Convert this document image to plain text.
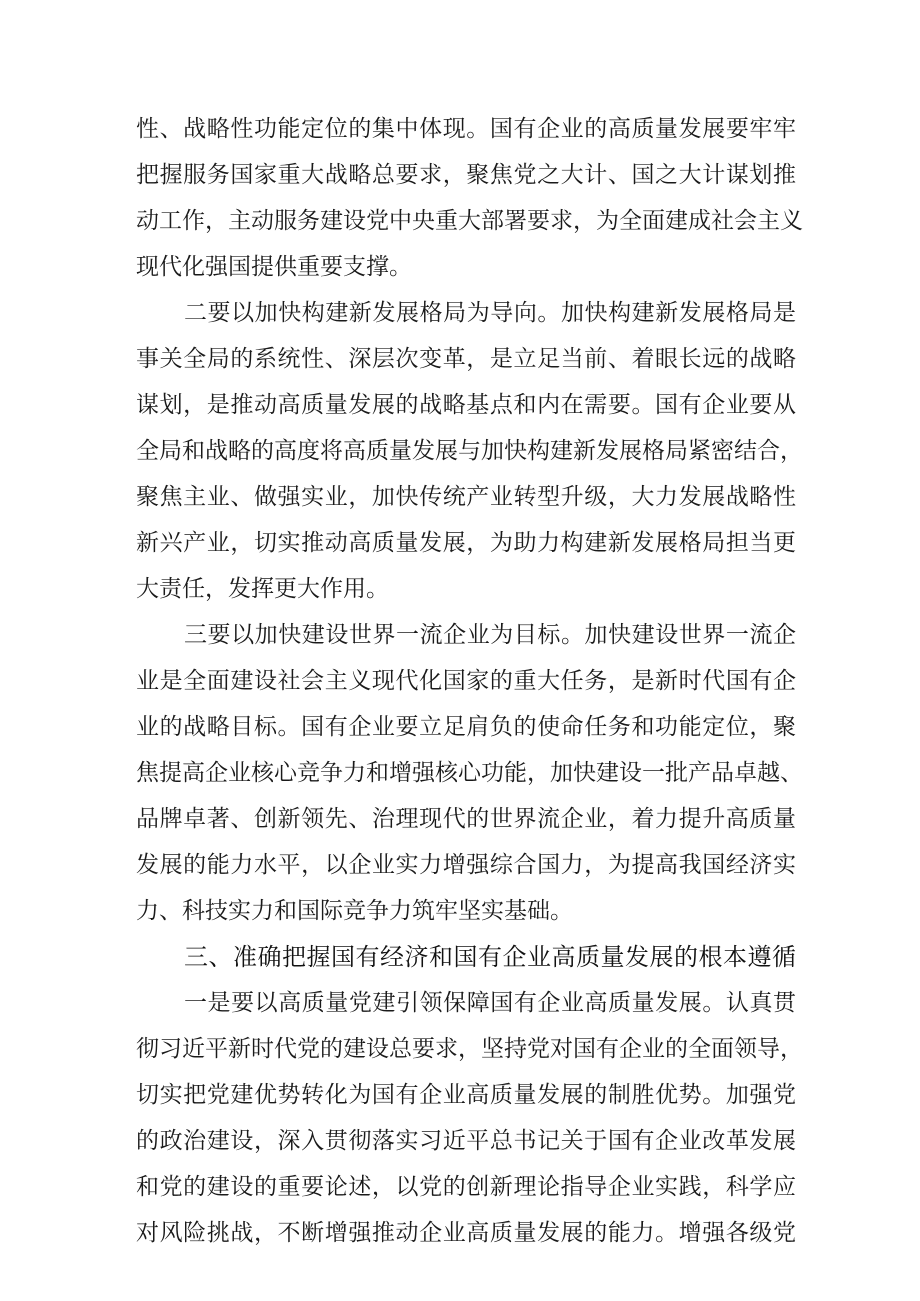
性、战略性功能定位的集中体现。国有企业的高质量发展要牢牢
把握服务国家重大战略总要求，聚焦党之大计、国之大计谋划推
动工作，主动服务建设党中央重大部署要求，为全面建成社会主义
现代化强国提供重要支撑。
二要以加快构建新发展格局为导向。加快构建新发展格局是
事关全局的系统性、深层次变革，是立足当前、着眼长远的战略
谋划，是推动高质量发展的战略基点和内在需要。国有企业要从
全局和战略的高度将高质量发展与加快构建新发展格局紧密结合，
聚焦主业、做强实业，加快传统产业转型升级，大力发展战略性
新兴产业，切实推动高质量发展，为助力构建新发展格局担当更
大责任，发挥更大作用。
三要以加快建设世界一流企业为目标。加快建设世界一流企
业是全面建设社会主义现代化国家的重大任务，是新时代国有企
业的战略目标。国有企业要立足肩负的使命任务和功能定位，聚
焦提高企业核心竞争力和增强核心功能，加快建设一批产品卓越、
品牌卓著、创新领先、治理现代的世界流企业，着力提升高质量
发展的能力水平，以企业实力增强综合国力，为提高我国经济实
力、科技实力和国际竞争力筑牢坚实基础。
三、准确把握国有经济和国有企业高质量发展的根本遵循
一是要以高质量党建引领保障国有企业高质量发展。认真贯
彻习近平新时代党的建设总要求，坚持党对国有企业的全面领导，
切实把党建优势转化为国有企业高质量发展的制胜优势。加强党
的政治建设，深入贯彻落实习近平总书记关于国有企业改革发展
和党的建设的重要论述，以党的创新理论指导企业实践，科学应
对风险挑战，不断增强推动企业高质量发展的能力。增强各级党
